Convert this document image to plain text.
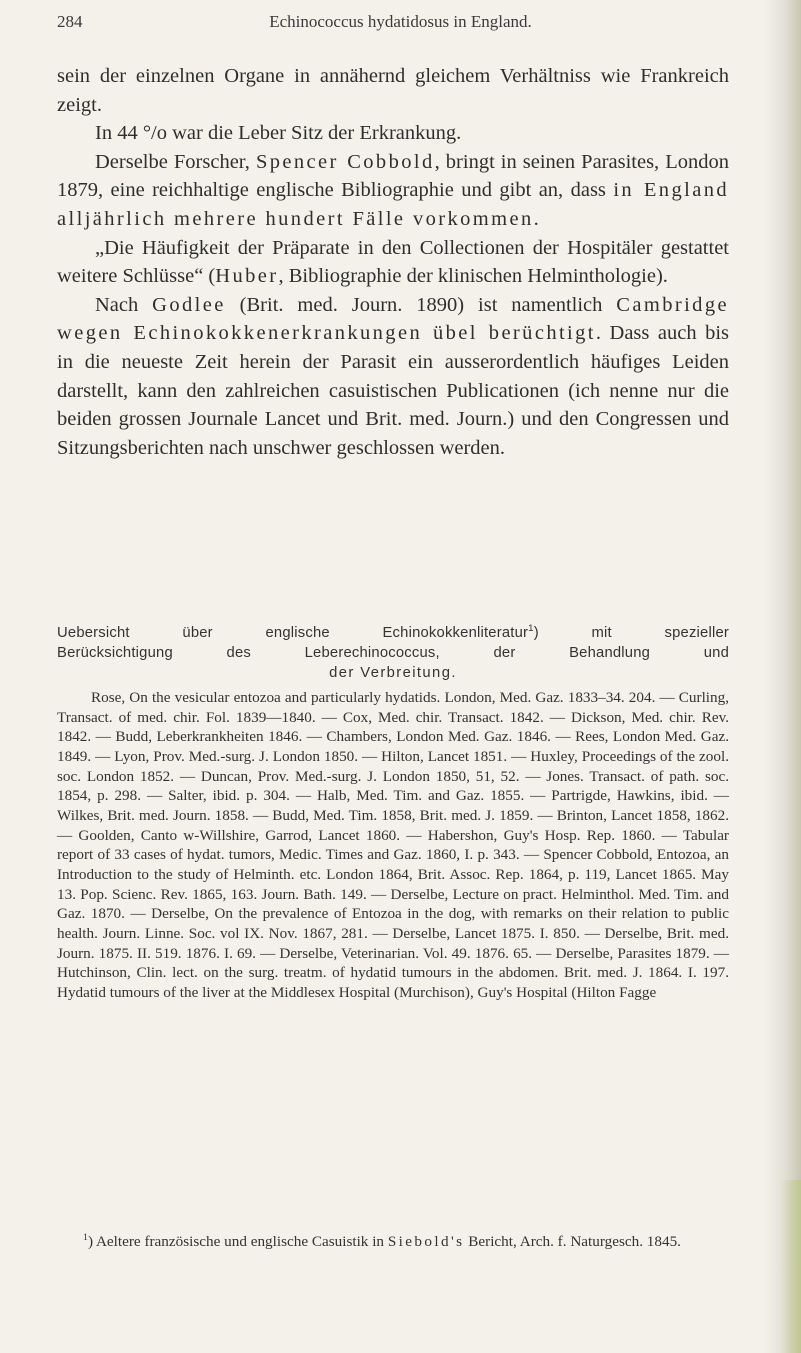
284	Echinococcus hydatidosus in England.

sein der einzelnen Organe in annähernd gleichem Verhältniss wie Frankreich zeigt.

In 44 °/o war die Leber Sitz der Erkrankung.

Derselbe Forscher, Spencer Cobbold, bringt in seinen Parasites, London 1879, eine reichhaltige englische Bibliographie und gibt an, dass in England alljährlich mehrere hundert Fälle vorkommen.

„Die Häufigkeit der Präparate in den Collectionen der Hospitäler gestattet weitere Schlüsse“ (Huber, Bibliographie der klinischen Helminthologie).

Nach Godlee (Brit. med. Journ. 1890) ist namentlich Cambridge wegen Echinokokkenerkrankungen übel berüchtigt. Dass auch bis in die neueste Zeit herein der Parasit ein ausserordentlich häufiges Leiden darstellt, kann den zahlreichen casuistischen Publicationen (ich nenne nur die beiden grossen Journale Lancet und Brit. med. Journ.) und den Congressen und Sitzungsberichten nach unschwer geschlossen werden.

Uebersicht über englische Echinokokkenliteratur$^1$) mit spezieller
Berücksichtigung des Leberechinococcus, der Behandlung und
der Verbreitung.

Rose, On the vesicular entozoa and particularly hydatids. London, Med. Gaz. 1833–34. 204. — Curling, Transact. of med. chir. Fol. 1839—1840. — Cox, Med. chir. Transact. 1842. — Dickson, Med. chir. Rev. 1842. — Budd, Leberkrankheiten 1846. — Chambers, London Med. Gaz. 1846. — Rees, London Med. Gaz. 1849. — Lyon, Prov. Med.-surg. J. London 1850. — Hilton, Lancet 1851. — Huxley, Proceedings of the zool. soc. London 1852. — Duncan, Prov. Med.-surg. J. London 1850, 51, 52. — Jones. Transact. of path. soc. 1854, p. 298. — Salter, ibid. p. 304. — Halb, Med. Tim. and Gaz. 1855. — Partrigde, Hawkins, ibid. — Wilkes, Brit. med. Journ. 1858. — Budd, Med. Tim. 1858, Brit. med. J. 1859. — Brinton, Lancet 1858, 1862. — Goolden, Canto w-Willshire, Garrod, Lancet 1860. — Habershon, Guy's Hosp. Rep. 1860. — Tabular report of 33 cases of hydat. tumors, Medic. Times and Gaz. 1860, I. p. 343. — Spencer Cobbold, Entozoa, an Introduction to the study of Helminth. etc. London 1864, Brit. Assoc. Rep. 1864, p. 119, Lancet 1865. May 13. Pop. Scienc. Rev. 1865, 163. Journ. Bath. 149. — Derselbe, Lecture on pract. Helminthol. Med. Tim. and Gaz. 1870. — Derselbe, On the prevalence of Entozoa in the dog, with remarks on their relation to public health. Journ. Linne. Soc. vol IX. Nov. 1867, 281. — Derselbe, Lancet 1875. I. 850. — Derselbe, Brit. med. Journ. 1875. II. 519. 1876. I. 69. — Derselbe, Veterinarian. Vol. 49. 1876. 65. — Derselbe, Parasites 1879. — Hutchinson, Clin. lect. on the surg. treatm. of hydatid tumours in the abdomen. Brit. med. J. 1864. I. 197. Hydatid tumours of the liver at the Middlesex Hospital (Murchison), Guy's Hospital (Hilton Fagge

$^1$) Aeltere französische und englische Casuistik in Siebold's Bericht, Arch. f. Naturgesch. 1845.
